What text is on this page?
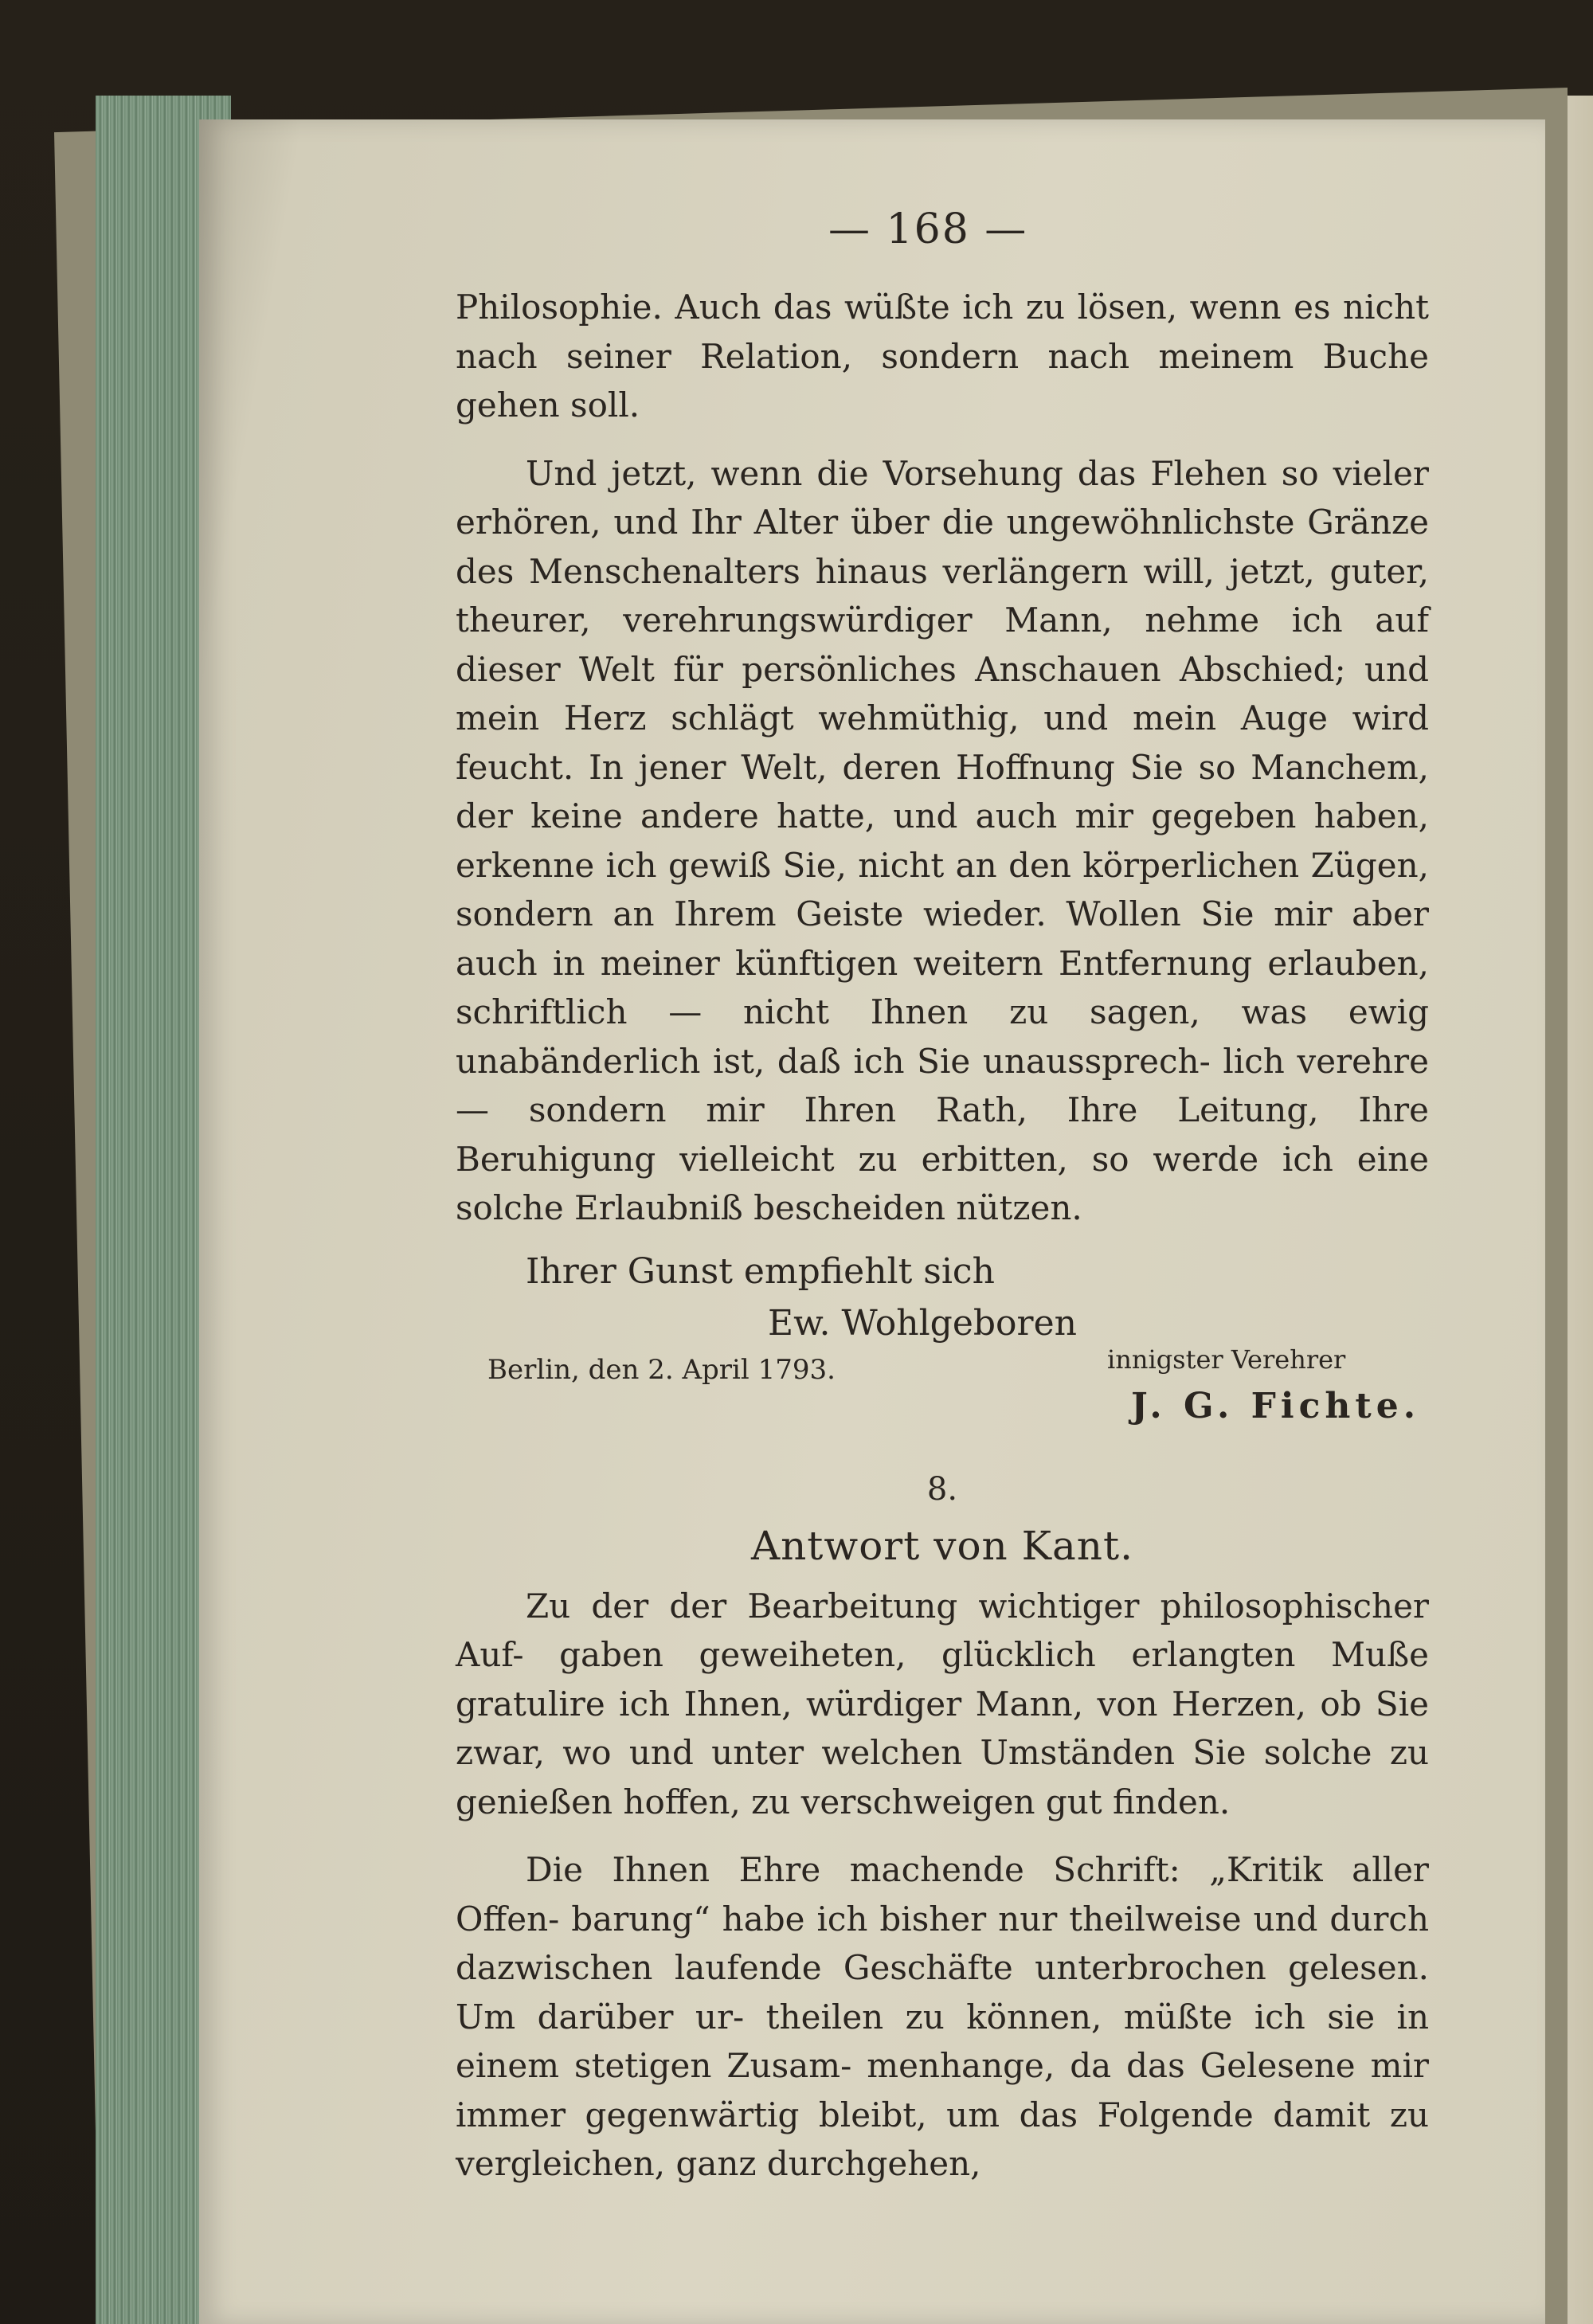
— 168 —

Philosophie. Auch das wüßte ich zu lösen, wenn es nicht nach seiner Relation, sondern nach meinem Buche gehen soll.

Und jetzt, wenn die Vorsehung das Flehen so vieler erhören, und Ihr Alter über die ungewöhnlichste Gränze des Menschenalters hinaus verlängern will, jetzt, guter, theurer, verehrungswürdiger Mann, nehme ich auf dieser Welt für persönliches Anschauen Abschied; und mein Herz schlägt wehmüthig, und mein Auge wird feucht. In jener Welt, deren Hoffnung Sie so Manchem, der keine andere hatte, und auch mir gegeben haben, erkenne ich gewiß Sie, nicht an den körperlichen Zügen, sondern an Ihrem Geiste wieder. Wollen Sie mir aber auch in meiner künftigen weitern Entfernung erlauben, schriftlich — nicht Ihnen zu sagen, was ewig unabänderlich ist, daß ich Sie unaussprech- lich verehre — sondern mir Ihren Rath, Ihre Leitung, Ihre Beruhigung vielleicht zu erbitten, so werde ich eine solche Erlaubniß bescheiden nützen.

Ihrer Gunst empfiehlt sich
Ew. Wohlgeboren
Berlin, den 2. April 1793.	innigster Verehrer
J. G. Fichte.
8.
Antwort von Kant.

Zu der der Bearbeitung wichtiger philosophischer Auf- gaben geweiheten, glücklich erlangten Muße gratulire ich Ihnen, würdiger Mann, von Herzen, ob Sie zwar, wo und unter welchen Umständen Sie solche zu genießen hoffen, zu verschweigen gut finden.

Die Ihnen Ehre machende Schrift: „Kritik aller Offen- barung“ habe ich bisher nur theilweise und durch dazwischen laufende Geschäfte unterbrochen gelesen. Um darüber ur- theilen zu können, müßte ich sie in einem stetigen Zusam- menhange, da das Gelesene mir immer gegenwärtig bleibt, um das Folgende damit zu vergleichen, ganz durchgehen,
